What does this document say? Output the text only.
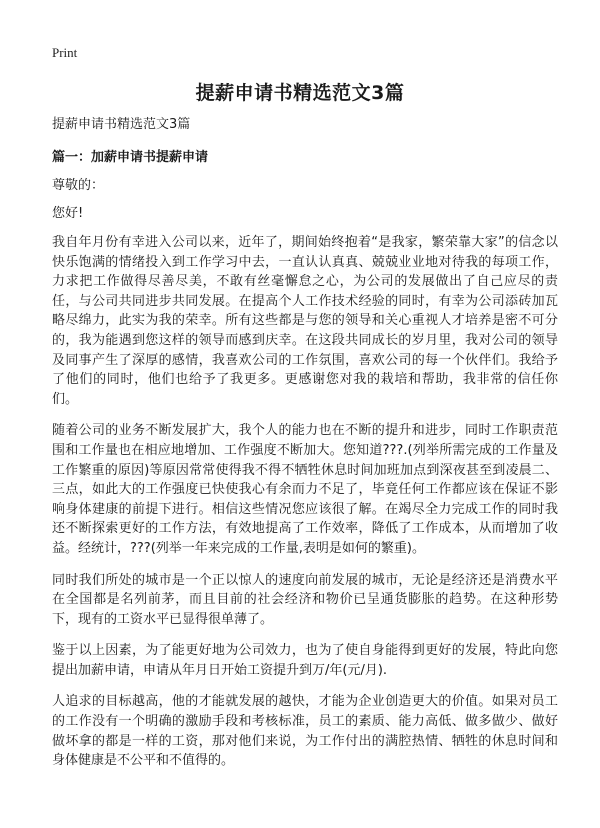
Print
提薪申请书精选范文3篇

提薪申请书精选范文3篇

篇一：加薪申请书提薪申请

尊敬的：

您好!

我自年月份有幸进入公司以来，近年了，期间始终抱着“是我家，繁荣靠大家”的信念以快乐饱满的情绪投入到工作学习中去，一直认认真真、兢兢业业地对待我的每项工作，力求把工作做得尽善尽美，不敢有丝毫懈怠之心，为公司的发展做出了自己应尽的责任，与公司共同进步共同发展。在提高个人工作技术经验的同时，有幸为公司添砖加瓦略尽绵力，此实为我的荣幸。所有这些都是与您的领导和关心重视人才培养是密不可分的，我为能遇到您这样的领导而感到庆幸。在这段共同成长的岁月里，我对公司的领导及同事产生了深厚的感情，我喜欢公司的工作氛围，喜欢公司的每一个伙伴们。我给予了他们的同时，他们也给予了我更多。更感谢您对我的栽培和帮助，我非常的信任你们。

随着公司的业务不断发展扩大，我个人的能力也在不断的提升和进步，同时工作职责范围和工作量也在相应地增加、工作强度不断加大。您知道???.(列举所需完成的工作量及工作繁重的原因)等原因常常使得我不得不牺牲休息时间加班加点到深夜甚至到凌晨二、三点，如此大的工作强度已快使我心有余而力不足了，毕竟任何工作都应该在保证不影响身体建康的前提下进行。相信这些情况您应该很了解。在竭尽全力完成工作的同时我还不断探索更好的工作方法，有效地提高了工作效率，降低了工作成本，从而增加了收益。经统计，???(列举一年来完成的工作量,表明是如何的繁重)。

同时我们所处的城市是一个正以惊人的速度向前发展的城市，无论是经济还是消费水平在全国都是名列前茅，而且目前的社会经济和物价已呈通货膨胀的趋势。在这种形势下，现有的工资水平已显得很单薄了。

鉴于以上因素，为了能更好地为公司效力，也为了使自身能得到更好的发展，特此向您提出加薪申请，申请从年月日开始工资提升到万/年(元/月).

人追求的目标越高，他的才能就发展的越快，才能为企业创造更大的价值。如果对员工的工作没有一个明确的激励手段和考核标准，员工的素质、能力高低、做多做少、做好做坏拿的都是一样的工资，那对他们来说，为工作付出的满腔热情、牺牲的休息时间和身体健康是不公平和不值得的。
